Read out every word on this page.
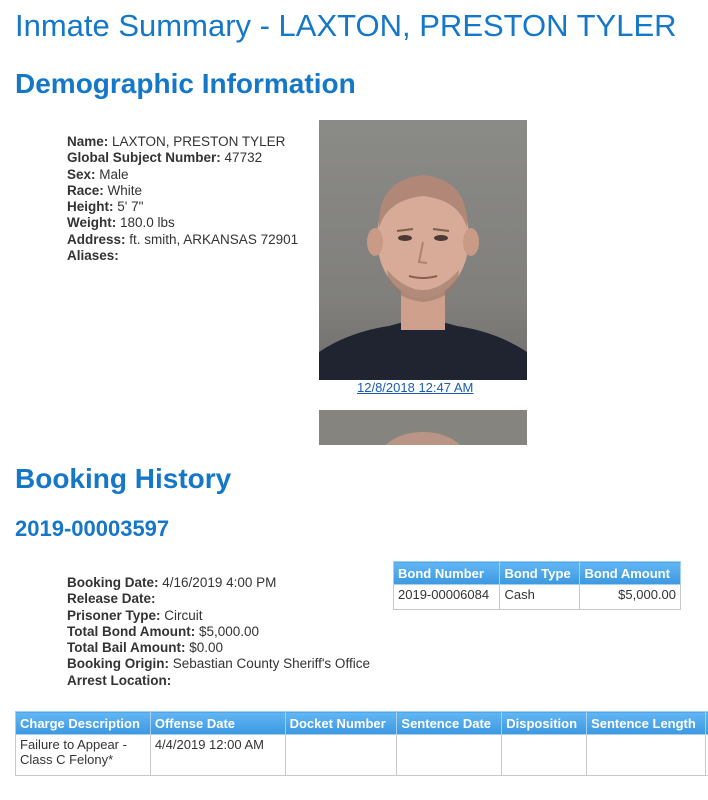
Inmate Summary - LAXTON, PRESTON TYLER
Demographic Information
Name: LAXTON, PRESTON TYLER
Global Subject Number: 47732
Sex: Male
Race: White
Height: 5' 7"
Weight: 180.0 lbs
Address: ft. smith, ARKANSAS 72901
Aliases:
12/8/2018 12:47 AM
Booking History
2019-00003597
Bond Number	Bond Type	Bond Amount
2019-00006084	Cash	$5,000.00
Booking Date: 4/16/2019 4:00 PM
Release Date:
Prisoner Type: Circuit
Total Bond Amount: $5,000.00
Total Bail Amount: $0.00
Booking Origin: Sebastian County Sheriff's Office
Arrest Location:
Charge Description	Offense Date	Docket Number	Sentence Date	Disposition	Sentence Length	
Failure to Appear - Class C Felony*	4/4/2019 12:00 AM					
